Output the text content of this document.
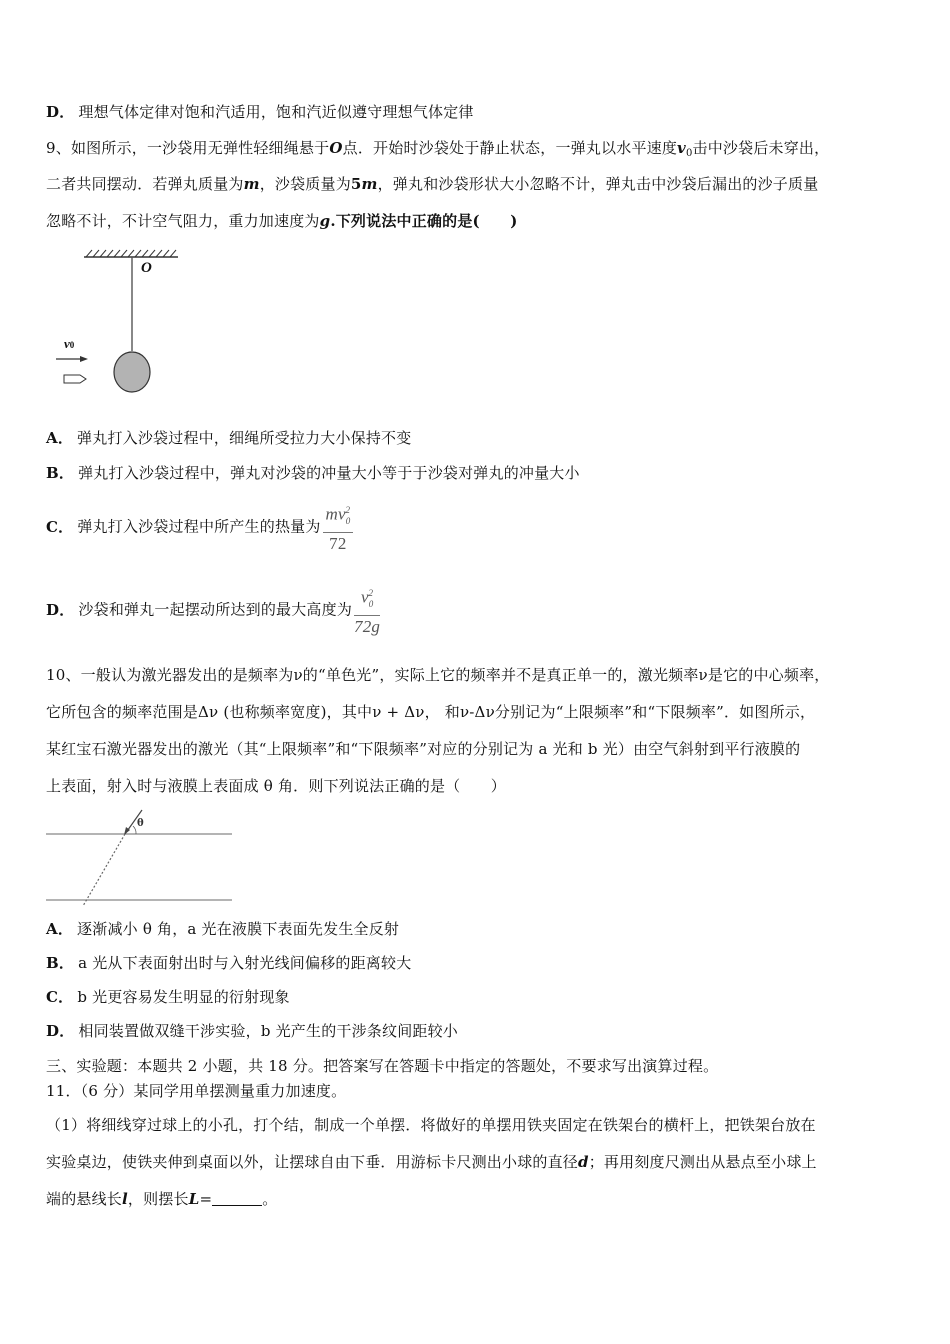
D． 理想气体定律对饱和汽适用，饱和汽近似遵守理想气体定律
9、如图所示，一沙袋用无弹性轻细绳悬于O点．开始时沙袋处于静止状态，一弹丸以水平速度$v_0$击中沙袋后未穿出，
二者共同摆动．若弹丸质量为m，沙袋质量为5m，弹丸和沙袋形状大小忽略不计，弹丸击中沙袋后漏出的沙子质量
忽略不计，不计空气阻力，重力加速度为g.下列说法中正确的是(　　)
O
v0
A． 弹丸打入沙袋过程中，细绳所受拉力大小保持不变
B． 弹丸打入沙袋过程中，弹丸对沙袋的冲量大小等于于沙袋对弹丸的冲量大小
C． 弹丸打入沙袋过程中所产生的热量为 $\frac{mv_0^2}{72}$
D． 沙袋和弹丸一起摆动所达到的最大高度为 $\frac{v_0^2}{72g}$
10、一般认为激光器发出的是频率为ν的“单色光”，实际上它的频率并不是真正单一的，激光频率ν是它的中心频率，
它所包含的频率范围是Δν (也称频率宽度)，其中ν + Δν， 和ν-Δν分别记为“上限频率”和“下限频率”．如图所示，
某红宝石激光器发出的激光（其“上限频率”和“下限频率”对应的分别记为 a 光和 b 光）由空气斜射到平行液膜的
上表面，射入时与液膜上表面成 θ 角．则下列说法正确的是（　　）
θ
A． 逐渐减小 θ 角，a 光在液膜下表面先发生全反射
B． a 光从下表面射出时与入射光线间偏移的距离较大
C． b 光更容易发生明显的衍射现象
D． 相同装置做双缝干涉实验，b 光产生的干涉条纹间距较小
三、实验题：本题共 2 小题，共 18 分。把答案写在答题卡中指定的答题处，不要求写出演算过程。
11．（6 分）某同学用单摆测量重力加速度。
（1）将细线穿过球上的小孔，打个结，制成一个单摆．将做好的单摆用铁夹固定在铁架台的横杆上，把铁架台放在
实验桌边，使铁夹伸到桌面以外，让摆球自由下垂．用游标卡尺测出小球的直径d；再用刻度尺测出从悬点至小球上
端的悬线长l，则摆长L=	。
